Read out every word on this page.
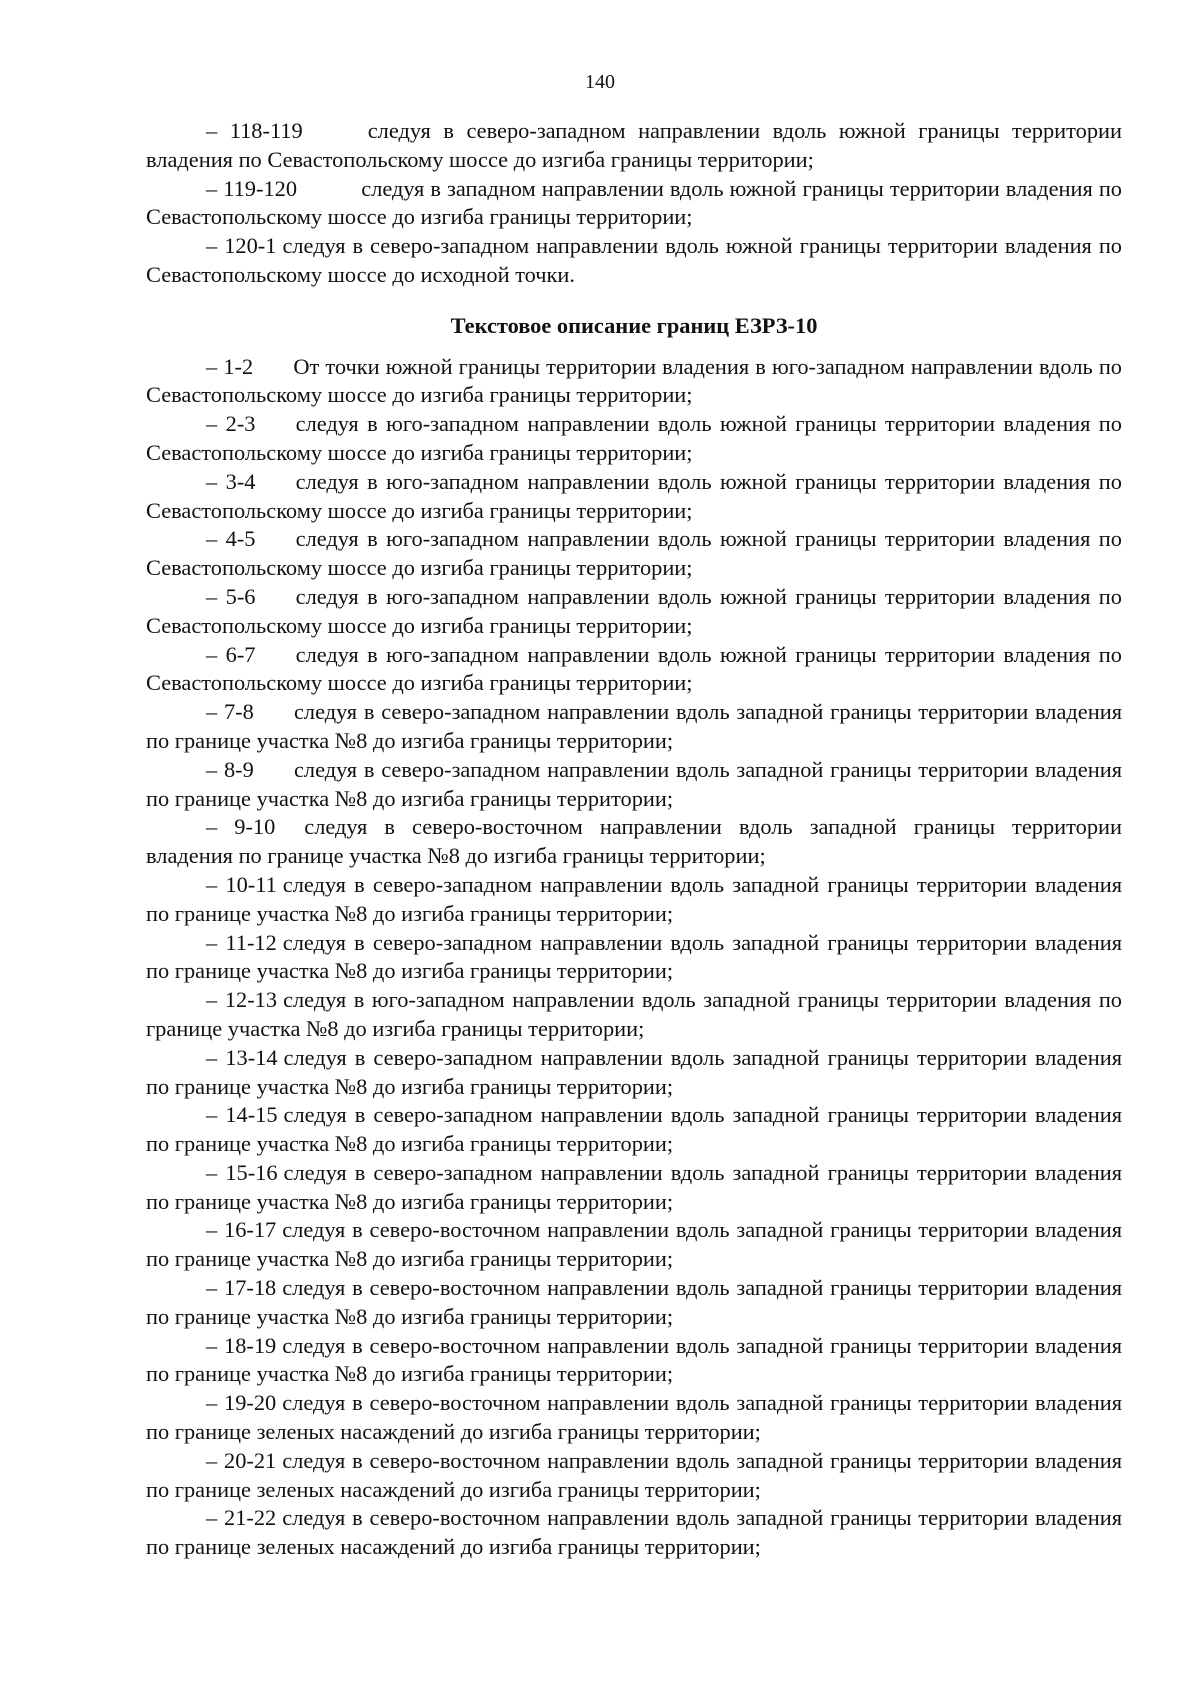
140

– 118-119	следуя в северо-западном направлении вдоль южной границы территории владения по Севастопольскому шоссе до изгиба границы территории;

– 119-120	следуя в западном направлении вдоль южной границы территории владения по Севастопольскому шоссе до изгиба границы территории;

– 120-1 следуя в северо-западном направлении вдоль южной границы территории владения по Севастопольскому шоссе до исходной точки.

Текстовое описание границ ЕЗРЗ-10

– 1-2 От точки южной границы территории владения в юго-западном направлении вдоль по Севастопольскому шоссе до изгиба границы территории;

– 2-3 следуя в юго-западном направлении вдоль южной границы территории владения по Севастопольскому шоссе до изгиба границы территории;

– 3-4 следуя в юго-западном направлении вдоль южной границы территории владения по Севастопольскому шоссе до изгиба границы территории;

– 4-5 следуя в юго-западном направлении вдоль южной границы территории владения по Севастопольскому шоссе до изгиба границы территории;

– 5-6 следуя в юго-западном направлении вдоль южной границы территории владения по Севастопольскому шоссе до изгиба границы территории;

– 6-7 следуя в юго-западном направлении вдоль южной границы территории владения по Севастопольскому шоссе до изгиба границы территории;

– 7-8 следуя в северо-западном направлении вдоль западной границы территории владения по границе участка №8 до изгиба границы территории;

– 8-9 следуя в северо-западном направлении вдоль западной границы территории владения по границе участка №8 до изгиба границы территории;

– 9-10 следуя в северо-восточном направлении вдоль западной границы территории владения по границе участка №8 до изгиба границы территории;

– 10-11 следуя в северо-западном направлении вдоль западной границы территории владения по границе участка №8 до изгиба границы территории;

– 11-12 следуя в северо-западном направлении вдоль западной границы территории владения по границе участка №8 до изгиба границы территории;

– 12-13 следуя в юго-западном направлении вдоль западной границы территории владения по границе участка №8 до изгиба границы территории;

– 13-14 следуя в северо-западном направлении вдоль западной границы территории владения по границе участка №8 до изгиба границы территории;

– 14-15 следуя в северо-западном направлении вдоль западной границы территории владения по границе участка №8 до изгиба границы территории;

– 15-16 следуя в северо-западном направлении вдоль западной границы территории владения по границе участка №8 до изгиба границы территории;

– 16-17 следуя в северо-восточном направлении вдоль западной границы территории владения по границе участка №8 до изгиба границы территории;

– 17-18 следуя в северо-восточном направлении вдоль западной границы территории владения по границе участка №8 до изгиба границы территории;

– 18-19 следуя в северо-восточном направлении вдоль западной границы территории владения по границе участка №8 до изгиба границы территории;

– 19-20 следуя в северо-восточном направлении вдоль западной границы территории владения по границе зеленых насаждений до изгиба границы территории;

– 20-21 следуя в северо-восточном направлении вдоль западной границы территории владения по границе зеленых насаждений до изгиба границы территории;

– 21-22 следуя в северо-восточном направлении вдоль западной границы территории владения по границе зеленых насаждений до изгиба границы территории;
